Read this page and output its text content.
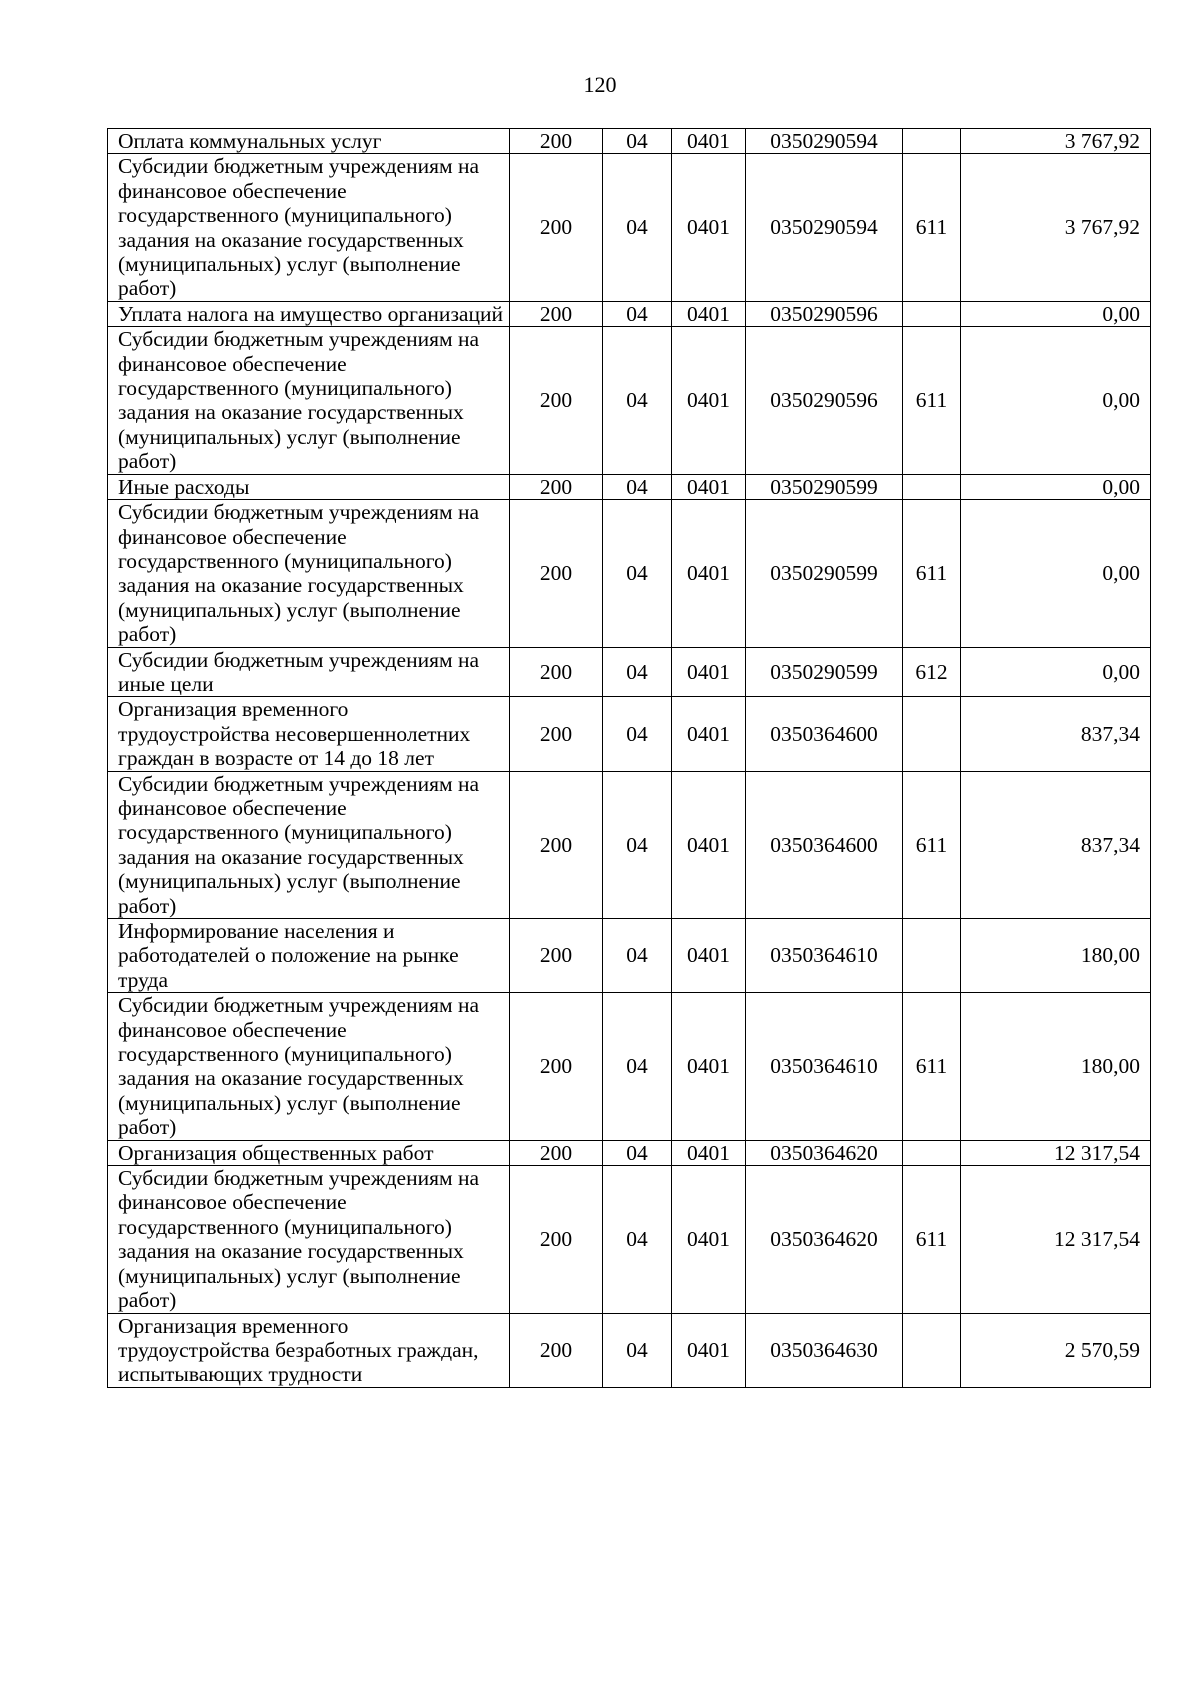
120
Оплата коммунальных услуг	200	04	0401	0350290594		3 767,92
Субсидии бюджетным учреждениям на финансовое обеспечение государственного (муниципального) задания на оказание государственных (муниципальных) услуг (выполнение работ)	200	04	0401	0350290594	611	3 767,92
Уплата налога на имущество организаций	200	04	0401	0350290596		0,00
Субсидии бюджетным учреждениям на финансовое обеспечение государственного (муниципального) задания на оказание государственных (муниципальных) услуг (выполнение работ)	200	04	0401	0350290596	611	0,00
Иные расходы	200	04	0401	0350290599		0,00
Субсидии бюджетным учреждениям на финансовое обеспечение государственного (муниципального) задания на оказание государственных (муниципальных) услуг (выполнение работ)	200	04	0401	0350290599	611	0,00
Субсидии бюджетным учреждениям на иные цели	200	04	0401	0350290599	612	0,00
Организация временного трудоустройства несовершеннолетних граждан в возрасте от 14 до 18 лет	200	04	0401	0350364600		837,34
Субсидии бюджетным учреждениям на финансовое обеспечение государственного (муниципального) задания на оказание государственных (муниципальных) услуг (выполнение работ)	200	04	0401	0350364600	611	837,34
Информирование населения и работодателей о положение на рынке труда	200	04	0401	0350364610		180,00
Субсидии бюджетным учреждениям на финансовое обеспечение государственного (муниципального) задания на оказание государственных (муниципальных) услуг (выполнение работ)	200	04	0401	0350364610	611	180,00
Организация общественных работ	200	04	0401	0350364620		12 317,54
Субсидии бюджетным учреждениям на финансовое обеспечение государственного (муниципального) задания на оказание государственных (муниципальных) услуг (выполнение работ)	200	04	0401	0350364620	611	12 317,54
Организация временного трудоустройства безработных граждан, испытывающих трудности	200	04	0401	0350364630		2 570,59
